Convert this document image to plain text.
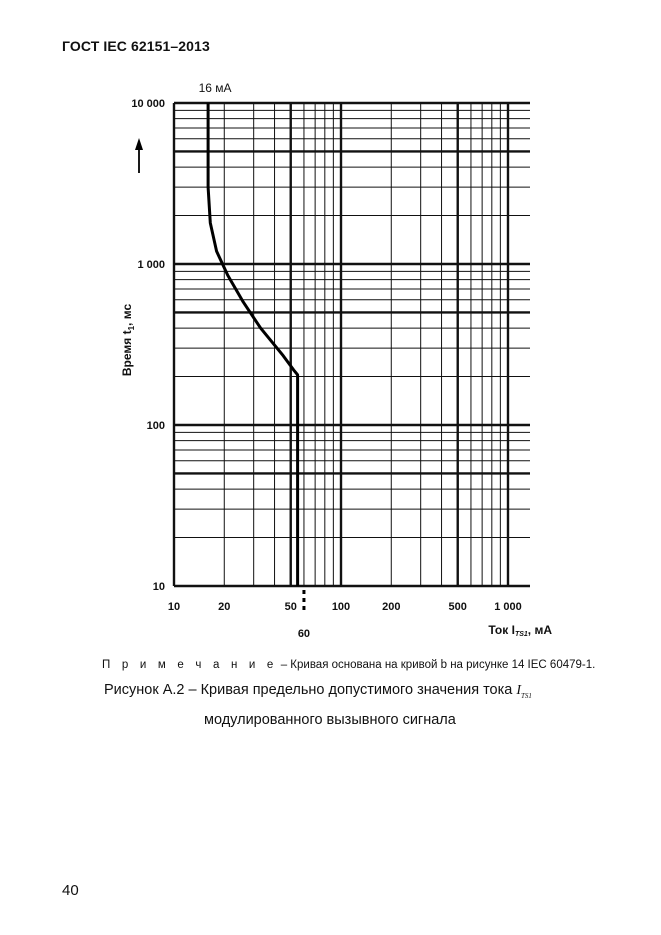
ГОСТ IEC 62151–2013
10
100
1 000
10 000
10	20	50	100	200	500 1 000
16 мА
60
Время $t_1$, мс
Ток ITS1, мА
П р и м е ч а н и е – Кривая основана на кривой b на рисунке 14 IEC 60479-1.
Рисунок А.2 – Кривая предельно допустимого значения тока $I_{TS1}$
модулированного вызывного сигнала
40
